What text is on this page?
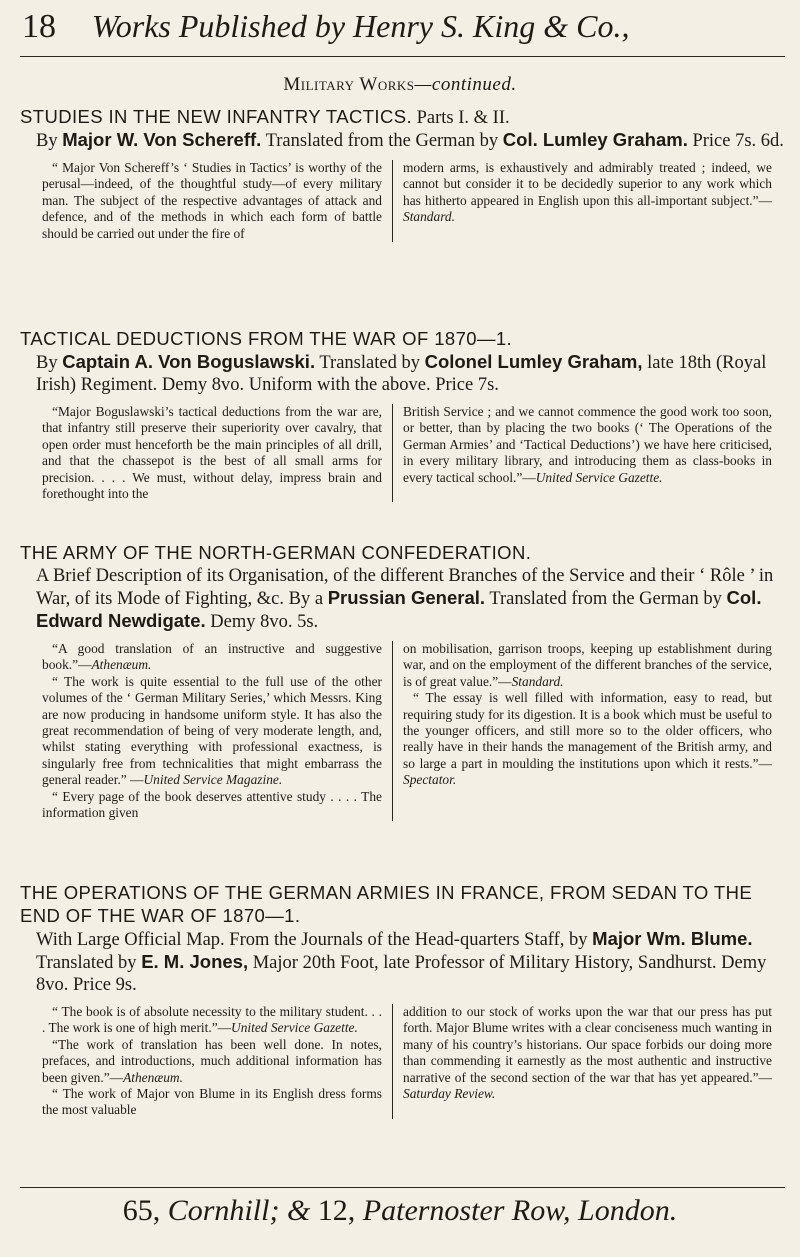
18 Works Published by Henry S. King & Co.,
Military Works—continued.
STUDIES IN THE NEW INFANTRY TACTICS. Parts I. & II.
By Major W. Von Schereff. Translated from the German by Col. Lumley Graham. Price 7s. 6d.

“ Major Von Schereff’s ‘ Studies in Tactics’ is worthy of the perusal—indeed, of the thoughtful study—of every military man. The subject of the respective advantages of attack and defence, and of the methods in which each form of battle should be carried out under the fire of

modern arms, is exhaustively and admirably treated ; indeed, we cannot but consider it to be decidedly superior to any work which has hitherto appeared in English upon this all-important subject.”—Standard.

TACTICAL DEDUCTIONS FROM THE WAR OF 1870—1.
By Captain A. Von Boguslawski. Translated by Colonel Lumley Graham, late 18th (Royal Irish) Regiment. Demy 8vo. Uniform with the above. Price 7s.

“Major Boguslawski’s tactical deductions from the war are, that infantry still preserve their superiority over cavalry, that open order must henceforth be the main principles of all drill, and that the chassepot is the best of all small arms for precision. . . . We must, without delay, impress brain and forethought into the

British Service ; and we cannot commence the good work too soon, or better, than by placing the two books (‘ The Operations of the German Armies’ and ‘Tactical Deductions’) we have here criticised, in every military library, and introducing them as class-books in every tactical school.”—United Service Gazette.

THE ARMY OF THE NORTH-GERMAN CONFEDERATION.
A Brief Description of its Organisation, of the different Branches of the Service and their ‘ Rôle ’ in War, of its Mode of Fighting, &c. By a Prussian General. Translated from the German by Col. Edward Newdigate. Demy 8vo. 5s.

“A good translation of an instructive and suggestive book.”—Athenæum.

“ The work is quite essential to the full use of the other volumes of the ‘ German Military Series,’ which Messrs. King are now producing in handsome uniform style. It has also the great recommendation of being of very moderate length, and, whilst stating everything with professional exactness, is singularly free from technicalities that might embarrass the general reader.” —United Service Magazine.

“ Every page of the book deserves attentive study . . . . The information given

on mobilisation, garrison troops, keeping up establishment during war, and on the employment of the different branches of the service, is of great value.”—Standard.

“ The essay is well filled with information, easy to read, but requiring study for its digestion. It is a book which must be useful to the younger officers, and still more so to the older officers, who really have in their hands the management of the British army, and so large a part in moulding the institutions upon which it rests.”—Spectator.

THE OPERATIONS OF THE GERMAN ARMIES IN FRANCE, FROM SEDAN TO THE END OF THE WAR OF 1870—1.
With Large Official Map. From the Journals of the Head-quarters Staff, by Major Wm. Blume. Translated by E. M. Jones, Major 20th Foot, late Professor of Military History, Sandhurst. Demy 8vo. Price 9s.

“ The book is of absolute necessity to the military student. . . . The work is one of high merit.”—United Service Gazette.

“The work of translation has been well done. In notes, prefaces, and introductions, much additional information has been given.”—Athenæum.

“ The work of Major von Blume in its English dress forms the most valuable

addition to our stock of works upon the war that our press has put forth. Major Blume writes with a clear conciseness much wanting in many of his country’s historians. Our space forbids our doing more than commending it earnestly as the most authentic and instructive narrative of the second section of the war that has yet appeared.”—Saturday Review.

65, Cornhill; & 12, Paternoster Row, London.
